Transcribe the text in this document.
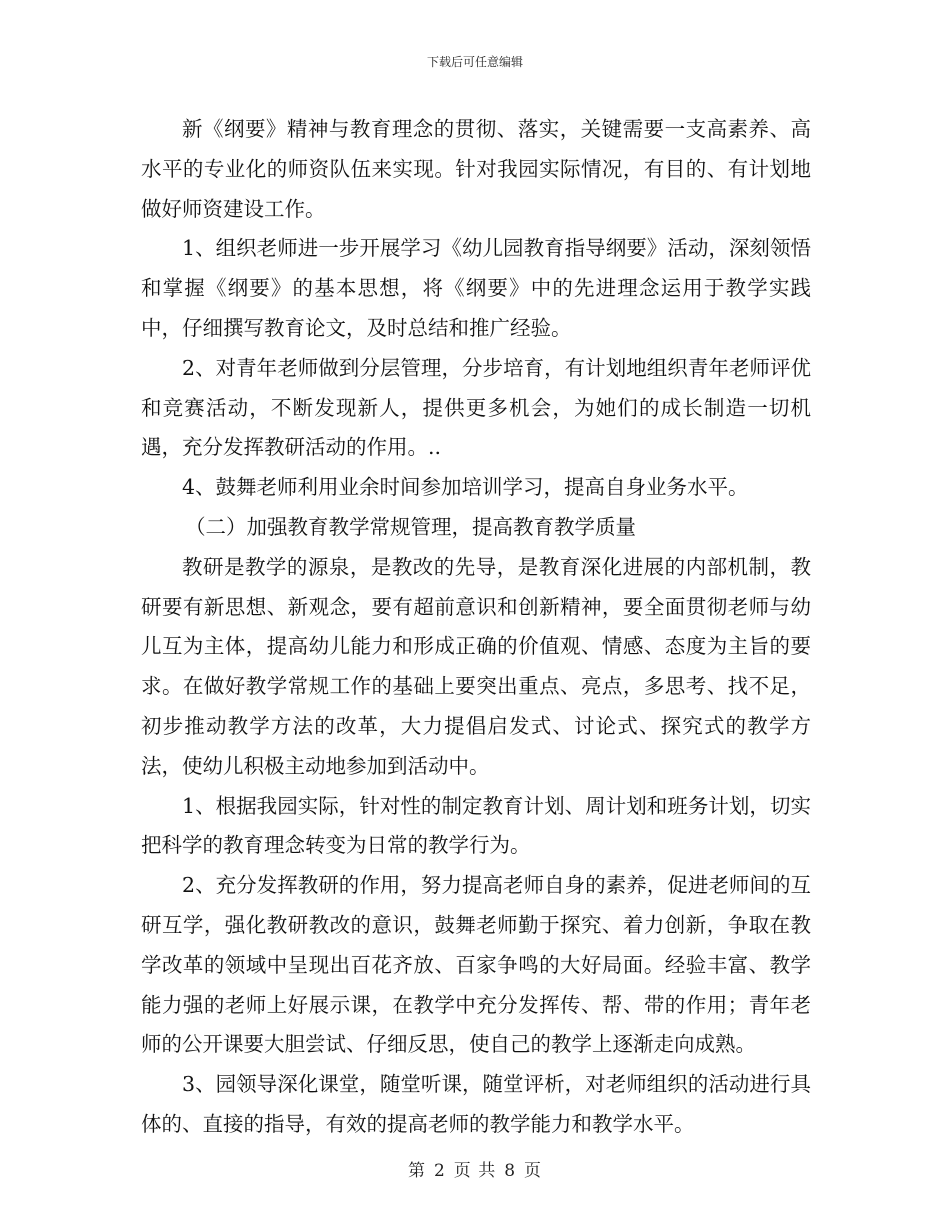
下载后可任意编辑

新《纲要》精神与教育理念的贯彻、落实，关键需要一支高素养、高水平的专业化的师资队伍来实现。针对我园实际情况，有目的、有计划地做好师资建设工作。

1、组织老师进一步开展学习《幼儿园教育指导纲要》活动，深刻领悟和掌握《纲要》的基本思想，将《纲要》中的先进理念运用于教学实践中，仔细撰写教育论文，及时总结和推广经验。

2、对青年老师做到分层管理，分步培育，有计划地组织青年老师评优和竞赛活动，不断发现新人，提供更多机会，为她们的成长制造一切机遇，充分发挥教研活动的作用。..

4、鼓舞老师利用业余时间参加培训学习，提高自身业务水平。

（二）加强教育教学常规管理，提高教育教学质量

教研是教学的源泉，是教改的先导，是教育深化进展的内部机制，教研要有新思想、新观念，要有超前意识和创新精神，要全面贯彻老师与幼儿互为主体，提高幼儿能力和形成正确的价值观、情感、态度为主旨的要求。在做好教学常规工作的基础上要突出重点、亮点，多思考、找不足，初步推动教学方法的改革，大力提倡启发式、讨论式、探究式的教学方法，使幼儿积极主动地参加到活动中。

1、根据我园实际，针对性的制定教育计划、周计划和班务计划，切实把科学的教育理念转变为日常的教学行为。

2、充分发挥教研的作用，努力提高老师自身的素养，促进老师间的互研互学，强化教研教改的意识，鼓舞老师勤于探究、着力创新，争取在教学改革的领域中呈现出百花齐放、百家争鸣的大好局面。经验丰富、教学能力强的老师上好展示课，在教学中充分发挥传、帮、带的作用；青年老师的公开课要大胆尝试、仔细反思，使自己的教学上逐渐走向成熟。

3、园领导深化课堂，随堂听课，随堂评析，对老师组织的活动进行具体的、直接的指导，有效的提高老师的教学能力和教学水平。

第 2 页 共 8 页
